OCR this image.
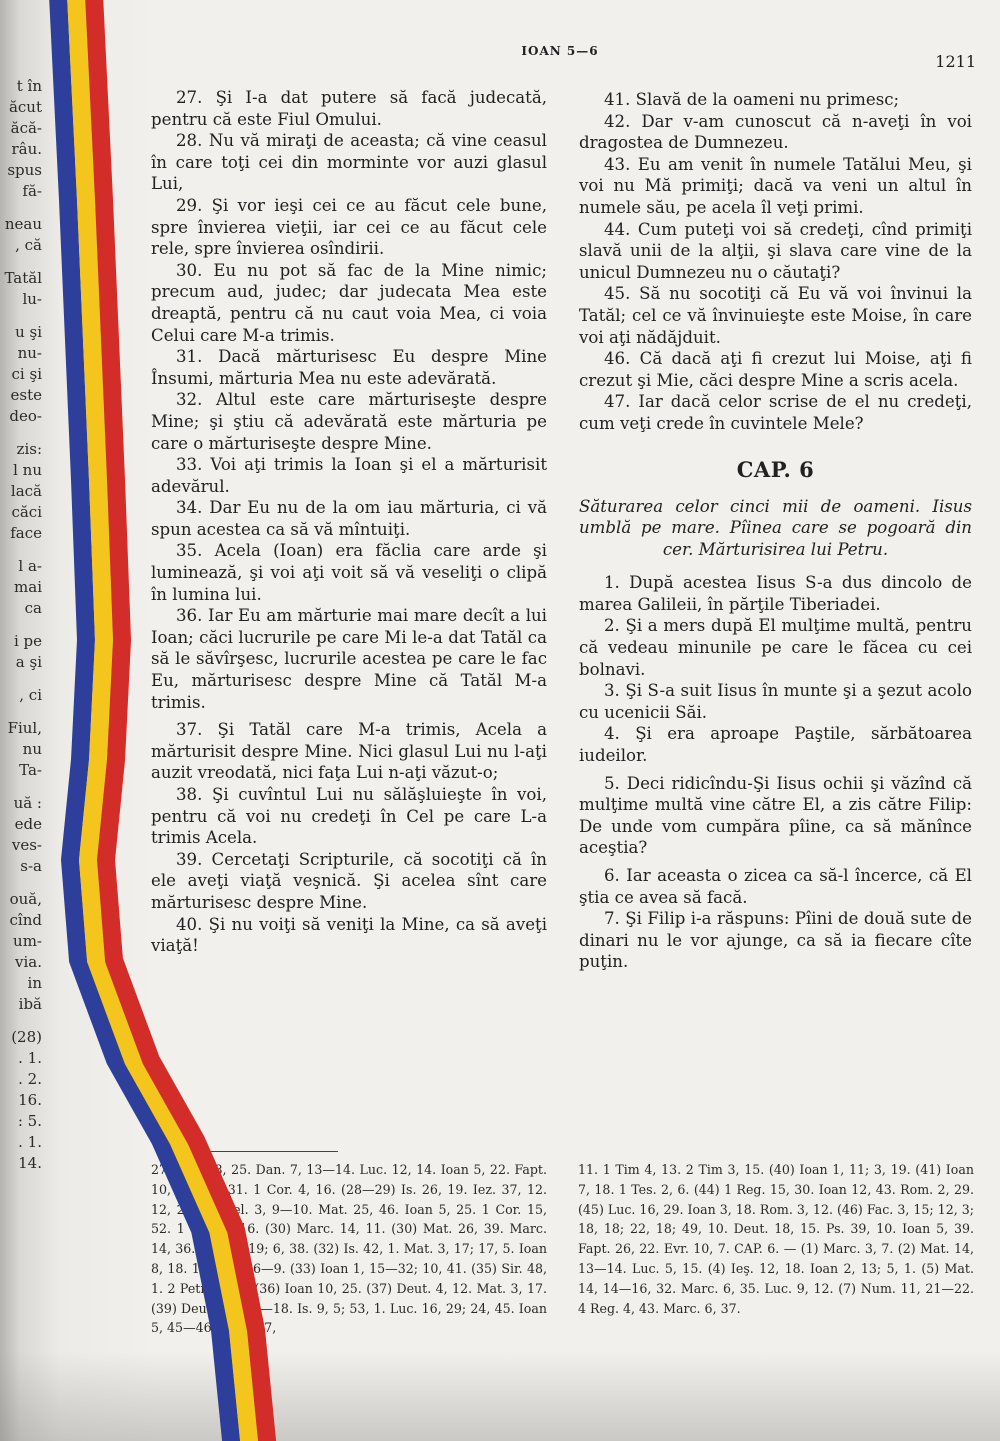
t în
ăcut
ăcă-
râu.
spus
fă-
neau
, că
Tatăl
lu-
u şi
nu-
ci şi
este
deo-
zis:
l nu
lacă
căci
face
l a-
mai
ca
i pe
a şi
, ci
Fiul,
nu
Ta-
uă :
ede
ves-
s-a
ouă,
cînd
um-
via.
in
ibă
(28)
. 1.
. 2.
16.
: 5.
. 1.
14.
IOAN 5—6
1211

27. Şi I-a dat putere să facă judecată, pentru că este Fiul Omului.

28. Nu vă miraţi de aceasta; că vine ceasul în care toţi cei din morminte vor auzi glasul Lui,

29. Şi vor ieşi cei ce au făcut cele bune, spre învierea vieţii, iar cei ce au făcut cele rele, spre învierea osîndirii.

30. Eu nu pot să fac de la Mine nimic; precum aud, judec; dar judecata Mea este dreaptă, pentru că nu caut voia Mea, ci voia Celui care M-a trimis.

31. Dacă mărturisesc Eu despre Mine Însumi, mărturia Mea nu este adevărată.

32. Altul este care mărturiseşte despre Mine; şi ştiu că adevărată este mărturia pe care o mărturiseşte despre Mine.

33. Voi aţi trimis la Ioan şi el a mărturisit adevărul.

34. Dar Eu nu de la om iau mărturia, ci vă spun acestea ca să vă mîntuiţi.

35. Acela (Ioan) era făclia care arde şi luminează, şi voi aţi voit să vă veseliţi o clipă în lumina lui.

36. Iar Eu am mărturie mai mare decît a lui Ioan; căci lucrurile pe care Mi le-a dat Tatăl ca să le săvîrşesc, lucrurile acestea pe care le fac Eu, mărturisesc despre Mine că Tatăl M-a trimis.

37. Şi Tatăl care M-a trimis, Acela a mărturisit despre Mine. Nici glasul Lui nu l-aţi auzit vreodată, nici faţa Lui n-aţi văzut-o;

38. Şi cuvîntul Lui nu sălăşluieşte în voi, pentru că voi nu credeţi în Cel pe care L-a trimis Acela.

39. Cercetaţi Scripturile, că socotiţi că în ele aveţi viaţă veşnică. Şi acelea sînt care mărturisesc despre Mine.

40. Şi nu voiţi să veniţi la Mine, ca să aveţi viaţă!

41. Slavă de la oameni nu primesc;

42. Dar v-am cunoscut că n-aveţi în voi dragostea de Dumnezeu.

43. Eu am venit în numele Tatălui Meu, şi voi nu Mă primiţi; dacă va veni un altul în numele său, pe acela îl veţi primi.

44. Cum puteţi voi să credeţi, cînd primiţi slavă unii de la alţii, şi slava care vine de la unicul Dumnezeu nu o căutaţi?

45. Să nu socotiţi că Eu vă voi învinui la Tatăl; cel ce vă învinuieşte este Moise, în care voi aţi nădăjduit.

46. Că dacă aţi fi crezut lui Moise, aţi fi crezut şi Mie, căci despre Mine a scris acela.

47. Iar dacă celor scrise de el nu credeţi, cum veţi crede în cuvintele Mele?

CAP. 6
Săturarea celor cinci mii de oameni. Iisus umblă pe mare. Pîinea care se pogoară din cer. Mărturisirea lui Petru.

1. După acestea Iisus S-a dus dincolo de marea Galileii, în părţile Tiberiadei.

2. Şi a mers după El mulţime multă, pentru că vedeau minunile pe care le făcea cu cei bolnavi.

3. Şi S-a suit Iisus în munte şi a şezut acolo cu ucenicii Săi.

4. Şi era aproape Paştile, sărbătoarea iudeilor.

5. Deci ridicîndu-Şi Iisus ochii şi văzînd că mulţime multă vine către El, a zis către Filip: De unde vom cumpăra pîine, ca să mănînce aceştia?

6. Iar aceasta o zicea ca să-l încerce, că El ştia ce avea să facă.

7. Şi Filip i-a răspuns: Pîini de două sute de dinari nu le vor ajunge, ca să ia fiecare cîte puţin.

27. Fac. 18, 25. Dan. 7, 13—14. Luc. 12, 14. Ioan 5, 22. Fapt. 10, 42; 17, 31. 1 Cor. 4, 16. (28—29) Is. 26, 19. Iez. 37, 12. 12, 2—3. Înţel. 3, 9—10. Mat. 25, 46. Ioan 5, 25. 1 Cor. 15, 52. 1 Tes. 4, 16. (30) Marc. 14, 11. (30) Mat. 26, 39. Marc. 14, 36. Ioan 5, 19; 6, 38. (32) Is. 42, 1. Mat. 3, 17; 17, 5. Ioan 8, 18. 1 Ioan 5, 6—9. (33) Ioan 1, 15—32; 10, 41. (35) Sir. 48, 1. 2 Petr. 1, 19. (36) Ioan 10, 25. (37) Deut. 4, 12. Mat. 3, 17. (39) Deut. 18, 15—18. Is. 9, 5; 53, 1. Luc. 16, 29; 24, 45. Ioan 5, 45—46. Fapt. 17,
11. 1 Tim 4, 13. 2 Tim 3, 15. (40) Ioan 1, 11; 3, 19. (41) Ioan 7, 18. 1 Tes. 2, 6. (44) 1 Reg. 15, 30. Ioan 12, 43. Rom. 2, 29. (45) Luc. 16, 29. Ioan 3, 18. Rom. 3, 12. (46) Fac. 3, 15; 12, 3; 18, 18; 22, 18; 49, 10. Deut. 18, 15. Ps. 39, 10. Ioan 5, 39. Fapt. 26, 22. Evr. 10, 7. CAP. 6. — (1) Marc. 3, 7. (2) Mat. 14, 13—14. Luc. 5, 15. (4) Ieş. 12, 18. Ioan 2, 13; 5, 1. (5) Mat. 14, 14—16, 32. Marc. 6, 35. Luc. 9, 12. (7) Num. 11, 21—22. 4 Reg. 4, 43. Marc. 6, 37.
